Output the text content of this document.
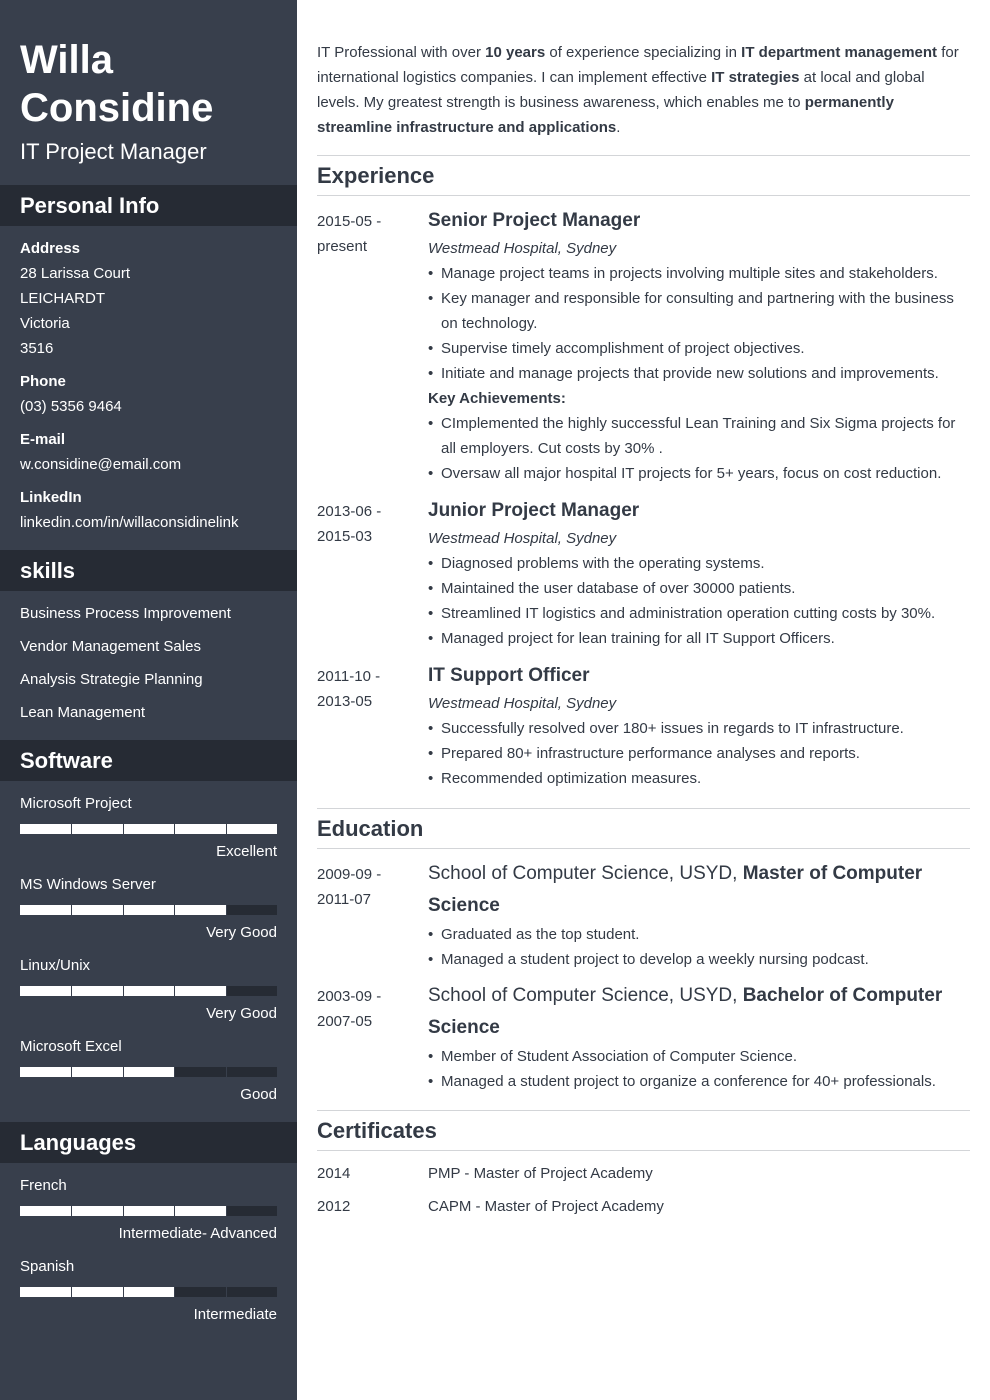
Willa
Considine
IT Project Manager
Personal Info
Address
28 Larissa Court
LEICHARDT
Victoria
3516
Phone
(03) 5356 9464
E-mail
w.considine@email.com
LinkedIn
linkedin.com/in/willaconsidinelink
skills
Business Process Improvement
Vendor Management Sales
Analysis Strategie Planning
Lean Management
Software
Microsoft Project
Excellent
MS Windows Server
Very Good
Linux/Unix
Very Good
Microsoft Excel
Good
Languages
French
Intermediate- Advanced
Spanish
Intermediate

IT Professional with over 10 years of experience specializing in IT department management for international logistics companies. I can implement effective IT strategies at local and global levels. My greatest strength is business awareness, which enables me to permanently streamline infrastructure and applications.

Experience
2015-05 -
present
Senior Project Manager
Westmead Hospital, Sydney
• Manage project teams in projects involving multiple sites and stakeholders.
• Key manager and responsible for consulting and partnering with the business on technology.
• Supervise timely accomplishment of project objectives.
• Initiate and manage projects that provide new solutions and improvements.
Key Achievements:
• CImplemented the highly successful Lean Training and Six Sigma projects for all employers. Cut costs by 30% .
• Oversaw all major hospital IT projects for 5+ years, focus on cost reduction.
2013-06 -
2015-03
Junior Project Manager
Westmead Hospital, Sydney
• Diagnosed problems with the operating systems.
• Maintained the user database of over 30000 patients.
• Streamlined IT logistics and administration operation cutting costs by 30%.
• Managed project for lean training for all IT Support Officers.
2011-10 -
2013-05
IT Support Officer
Westmead Hospital, Sydney
• Successfully resolved over 180+ issues in regards to IT infrastructure.
• Prepared 80+ infrastructure performance analyses and reports.
• Recommended optimization measures.
Education
2009-09 -
2011-07
School of Computer Science, USYD, Master of Computer Science
• Graduated as the top student.
• Managed a student project to develop a weekly nursing podcast.
2003-09 -
2007-05
School of Computer Science, USYD, Bachelor of Computer Science
• Member of Student Association of Computer Science.
• Managed a student project to organize a conference for 40+ professionals.
Certificates
2014	PMP - Master of Project Academy
2012	CAPM - Master of Project Academy
